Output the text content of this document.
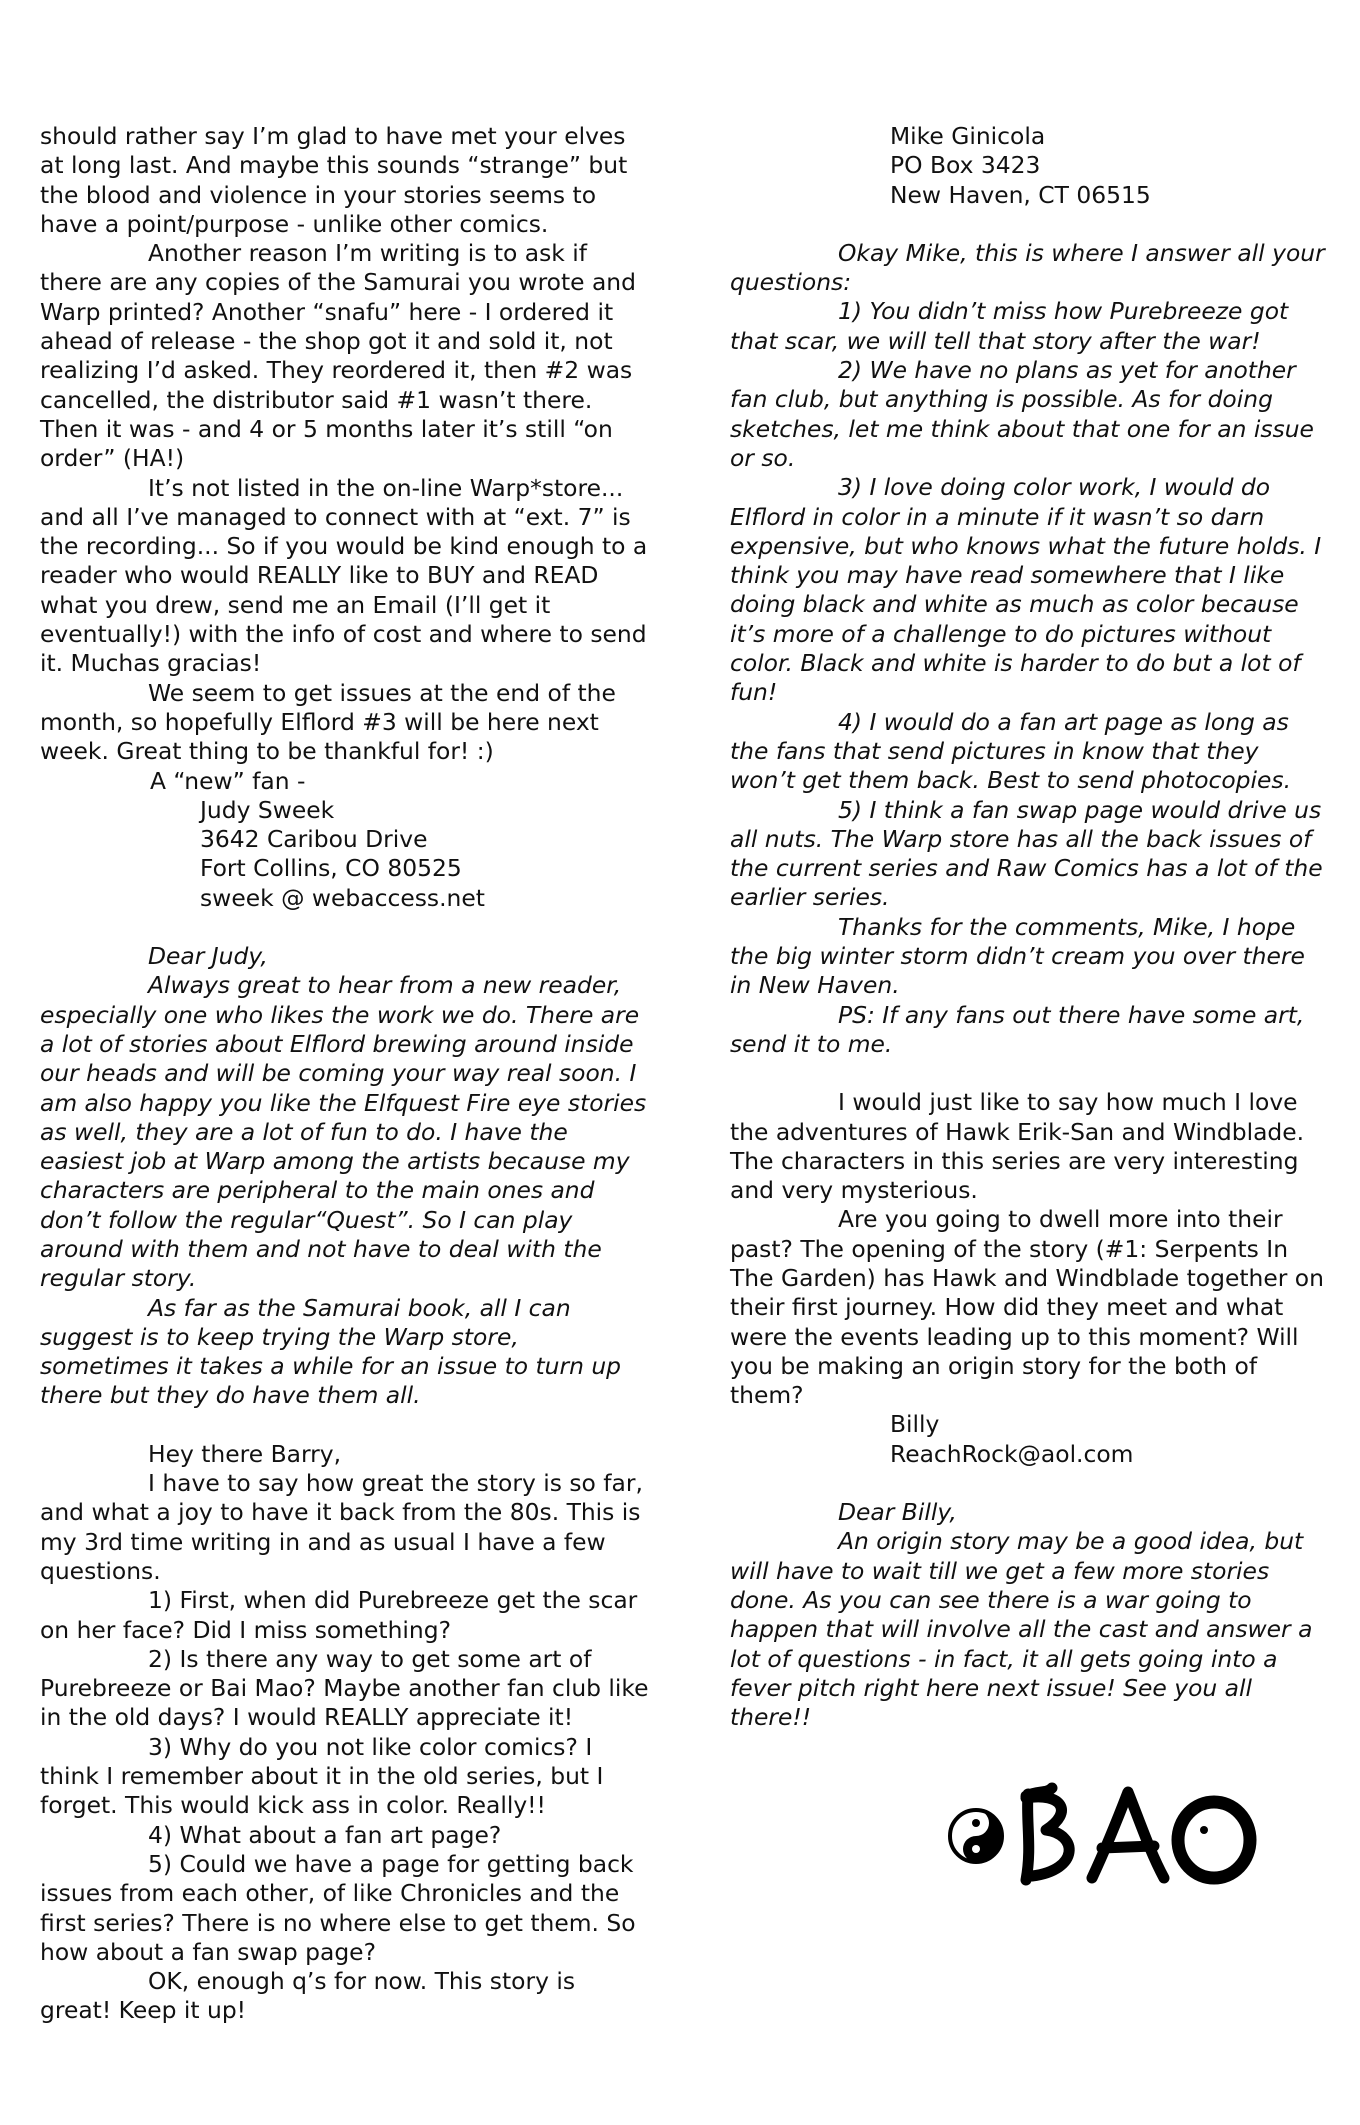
should rather say I’m glad to have met your elves at long last. And maybe this sounds “strange” but the blood and violence in your stories seems to have a point/purpose - unlike other comics.

Another reason I’m writing is to ask if there are any copies of the Samurai you wrote and Warp printed? Another “snafu” here - I ordered it ahead of release - the shop got it and sold it, not realizing I’d asked. They reordered it, then #2 was cancelled, the distributor said #1 wasn’t there. Then it was - and 4 or 5 months later it’s still “on order” (HA!)

It’s not listed in the on-line Warp*store... and all I’ve managed to connect with at “ext. 7” is the recording... So if you would be kind enough to a reader who would REALLY like to BUY and READ what you drew, send me an Email (I’ll get it eventually!) with the info of cost and where to send it. Muchas gracias!

We seem to get issues at the end of the month, so hopefully Elflord #3 will be here next week. Great thing to be thankful for! :)

A “new” fan -

Judy Sweek

3642 Caribou Drive

Fort Collins, CO 80525

sweek @ webaccess.net

Dear Judy,

Always great to hear from a new reader, especially one who likes the work we do. There are a lot of stories about Elflord brewing around inside our heads and will be coming your way real soon. I am also happy you like the Elfquest Fire eye stories as well, they are a lot of fun to do. I have the easiest job at Warp among the artists because my characters are peripheral to the main ones and don’t follow the regular“Quest”. So I can play around with them and not have to deal with the regular story.

As far as the Samurai book, all I can suggest is to keep trying the Warp store, sometimes it takes a while for an issue to turn up there but they do have them all.

Hey there Barry,

I have to say how great the story is so far, and what a joy to have it back from the 80s. This is my 3rd time writing in and as usual I have a few questions.

1) First, when did Purebreeze get the scar on her face? Did I miss something?

2) Is there any way to get some art of Purebreeze or Bai Mao? Maybe another fan club like in the old days? I would REALLY appreciate it!

3) Why do you not like color comics? I think I remember about it in the old series, but I forget. This would kick ass in color. Really!!

4) What about a fan art page?

5) Could we have a page for getting back issues from each other, of like Chronicles and the first series? There is no where else to get them. So how about a fan swap page?

OK, enough q’s for now. This story is great! Keep it up!

Mike Ginicola

PO Box 3423

New Haven, CT 06515

Okay Mike, this is where I answer all your questions:

1) You didn’t miss how Purebreeze got that scar, we will tell that story after the war!

2) We have no plans as yet for another fan club, but anything is possible. As for doing sketches, let me think about that one for an issue or so.

3) I love doing color work, I would do Elflord in color in a minute if it wasn’t so darn expensive, but who knows what the future holds. I think you may have read somewhere that I like doing black and white as much as color because it’s more of a challenge to do pictures without color. Black and white is harder to do but a lot of fun!

4) I would do a fan art page as long as the fans that send pictures in know that they won’t get them back. Best to send photocopies.

5) I think a fan swap page would drive us all nuts. The Warp store has all the back issues of the current series and Raw Comics has a lot of the earlier series.

Thanks for the comments, Mike, I hope the big winter storm didn’t cream you over there in New Haven.

PS: If any fans out there have some art, send it to me.

I would just like to say how much I love the adventures of Hawk Erik-San and Windblade. The characters in this series are very interesting and very mysterious.

Are you going to dwell more into their past? The opening of the story (#1: Serpents In The Garden) has Hawk and Windblade together on their first journey. How did they meet and what were the events leading up to this moment? Will you be making an origin story for the both of them?

Billy

ReachRock@aol.com

Dear Billy,

An origin story may be a good idea, but will have to wait till we get a few more stories done. As you can see there is a war going to happen that will involve all the cast and answer a lot of questions - in fact, it all gets going into a fever pitch right here next issue! See you all there!!
